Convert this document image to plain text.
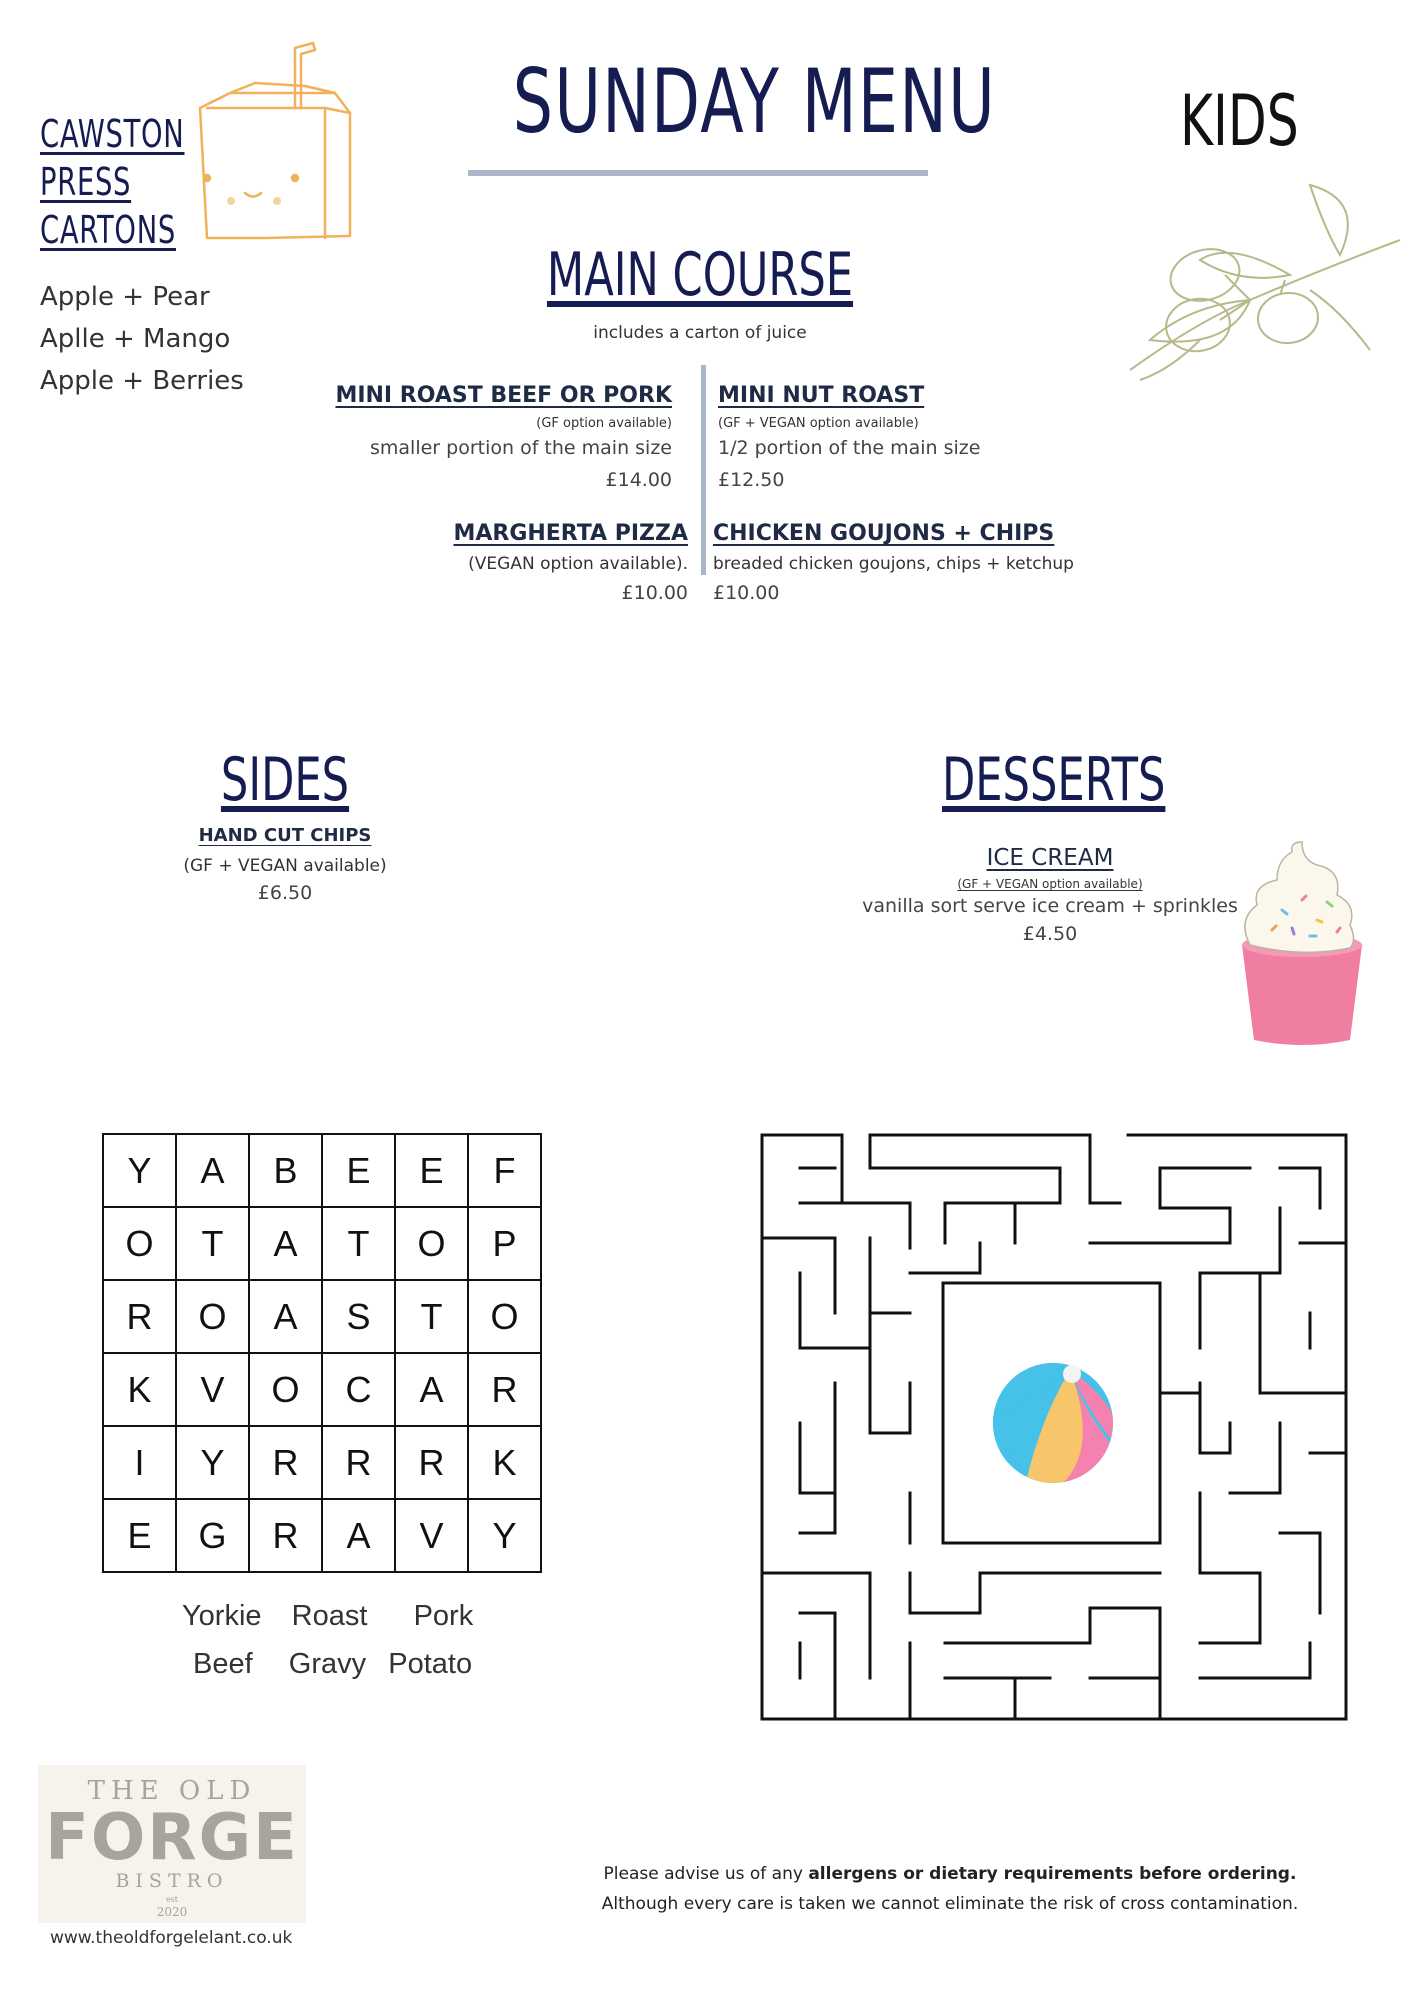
SUNDAY MENU	KIDS
CAWSTON
PRESS
CARTONS
Apple + Pear
Aplle + Mango
Apple + Berries
MAIN COURSE
includes a carton of juice
MINI ROAST BEEF OR PORK
(GF option available)
smaller portion of the main size
£14.00
MINI NUT ROAST
(GF + VEGAN option available)
1/2 portion of the main size
£12.50
MARGHERTA PIZZA
(VEGAN option available).
£10.00
CHICKEN GOUJONS + CHIPS
breaded chicken goujons, chips + ketchup
£10.00
SIDES
HAND CUT CHIPS
(GF + VEGAN available)
£6.50
DESSERTS
ICE CREAM
(GF + VEGAN option available)
vanilla sort serve ice cream + sprinkles
£4.50
Y	A	B	E	E	F
O	T	A	T	O	P
R	O	A	S	T	O
K	V	O	C	A	R
I	Y	R	R	R	K
E	G	R	A	V	Y
Yorkie Roast Pork
Beef Gravy Potato
THE OLD
FORGE
BISTRO
est
2020
www.theoldforgelelant.co.uk
Please advise us of any allergens or dietary requirements before ordering.
Although every care is taken we cannot eliminate the risk of cross contamination.
